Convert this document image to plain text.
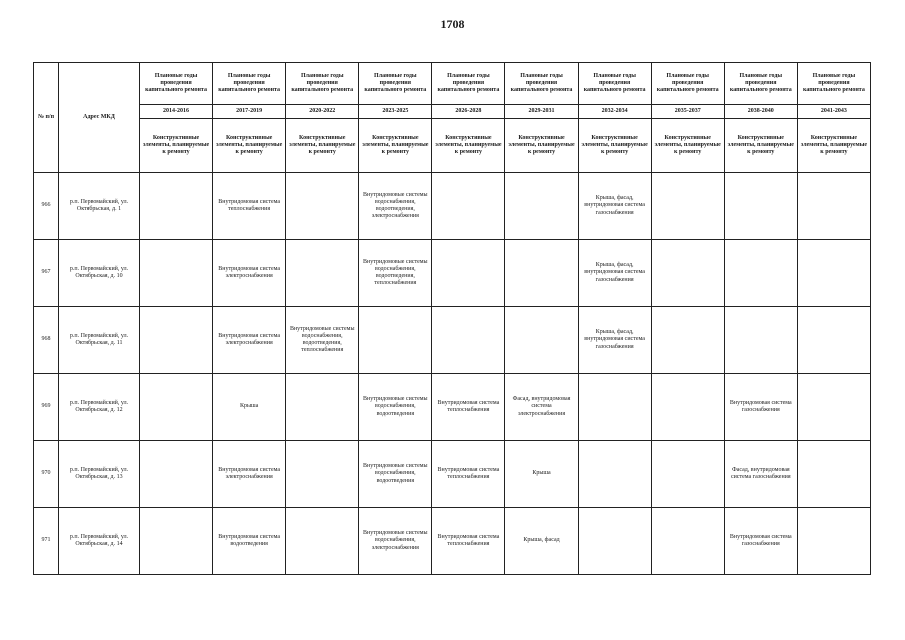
1708
№ п/п	Адрес МКД	Плановые годы проведения капитального ремонта	Плановые годы проведения капитального ремонта	Плановые годы проведения капитального ремонта	Плановые годы проведения капитального ремонта	Плановые годы проведения капитального ремонта	Плановые годы проведения капитального ремонта	Плановые годы проведения капитального ремонта	Плановые годы проведения капитального ремонта	Плановые годы проведения капитального ремонта	Плановые годы проведения капитального ремонта
		2014-2016	2017-2019	2020-2022	2023-2025	2026-2028	2029-2031	2032-2034	2035-2037	2038-2040	2041-2043
		Конструктивные элементы, планируемые к ремонту	Конструктивные элементы, планируемые к ремонту	Конструктивные элементы, планируемые к ремонту	Конструктивные элементы, планируемые к ремонту	Конструктивные элементы, планируемые к ремонту	Конструктивные элементы, планируемые к ремонту	Конструктивные элементы, планируемые к ремонту	Конструктивные элементы, планируемые к ремонту	Конструктивные элементы, планируемые к ремонту	Конструктивные элементы, планируемые к ремонту
966	р.п. Первомайский, ул. Октябрьская, д. 1		Внутридомовая система теплоснабжения		Внутридомовые системы водоснабжения, водоотведения, электроснабжения			Крыша, фасад, внутридомовая система газоснабжения			
967	р.п. Первомайский, ул. Октябрьская, д. 10		Внутридомовая система электроснабжения		Внутридомовые системы водоснабжения, водоотведения, теплоснабжения			Крыша, фасад, внутридомовая система газоснабжения			
968	р.п. Первомайский, ул. Октябрьская, д. 11		Внутридомовая система электроснабжения	Внутридомовые системы водоснабжения, водоотведения, теплоснабжения				Крыша, фасад, внутридомовая система газоснабжения			
969	р.п. Первомайский, ул. Октябрьская, д. 12		Крыша		Внутридомовые системы водоснабжения, водоотведения	Внутридомовая система теплоснабжения	Фасад, внутридомовая система электроснабжения			Внутридомовая система газоснабжения	
970	р.п. Первомайский, ул. Октябрьская, д. 13		Внутридомовая система электроснабжения		Внутридомовые системы водоснабжения, водоотведения	Внутридомовая система теплоснабжения	Крыша			Фасад, внутридомовая система газоснабжения	
971	р.п. Первомайский, ул. Октябрьская, д. 14		Внутридомовая система водоотведения		Внутридомовые системы водоснабжения, электроснабжения	Внутридомовая система теплоснабжения	Крыша, фасад			Внутридомовая система газоснабжения	
